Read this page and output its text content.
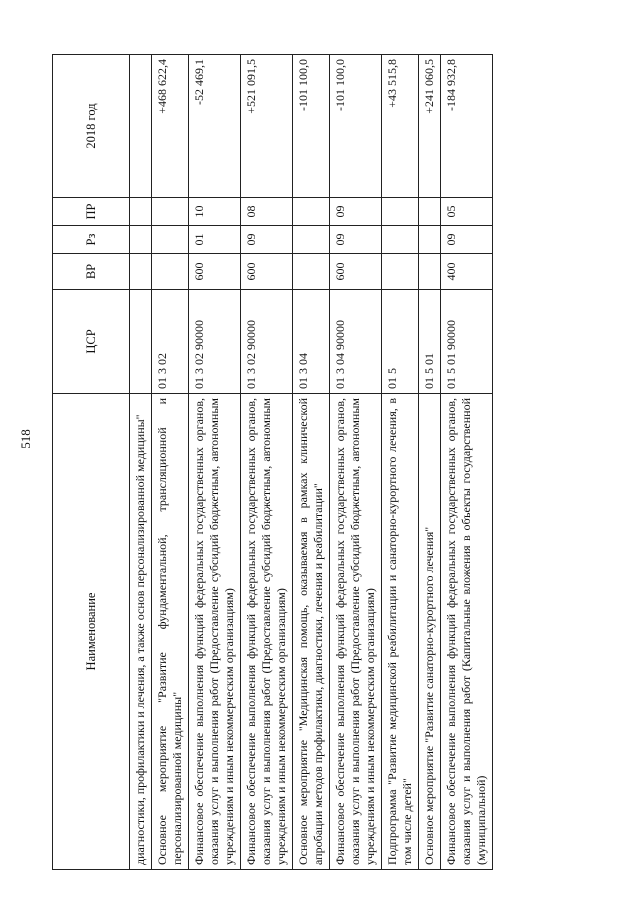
518
Наименование	ЦСР	ВР	Рз	ПР	2018 год
диагностики, профилактики и лечения, а также основ персонализированной медицины"					
Основное мероприятие "Развитие фундаментальной, трансляционной и персонализированной медицины"	01 3 02				+468 622,4
Финансовое обеспечение выполнения функций федеральных государственных органов, оказания услуг и выполнения работ (Предоставление субсидий бюджетным, автономным учреждениям и иным некоммерческим организациям)	01 3 02 90000	600	01	10	-52 469,1
Финансовое обеспечение выполнения функций федеральных государственных органов, оказания услуг и выполнения работ (Предоставление субсидий бюджетным, автономным учреждениям и иным некоммерческим организациям)	01 3 02 90000	600	09	08	+521 091,5
Основное мероприятие "Медицинская помощь, оказываемая в рамках клинической апробации методов профилактики, диагностики, лечения и реабилитации"	01 3 04				-101 100,0
Финансовое обеспечение выполнения функций федеральных государственных органов, оказания услуг и выполнения работ (Предоставление субсидий бюджетным, автономным учреждениям и иным некоммерческим организациям)	01 3 04 90000	600	09	09	-101 100,0
Подпрограмма "Развитие медицинской реабилитации и санаторно-курортного лечения, в том числе детей"	01 5				+43 515,8
Основное мероприятие "Развитие санаторно-курортного лечения"	01 5 01				+241 060,5
Финансовое обеспечение выполнения функций федеральных государственных органов, оказания услуг и выполнения работ (Капитальные вложения в объекты государственной (муниципальной)	01 5 01 90000	400	09	05	-184 932,8
